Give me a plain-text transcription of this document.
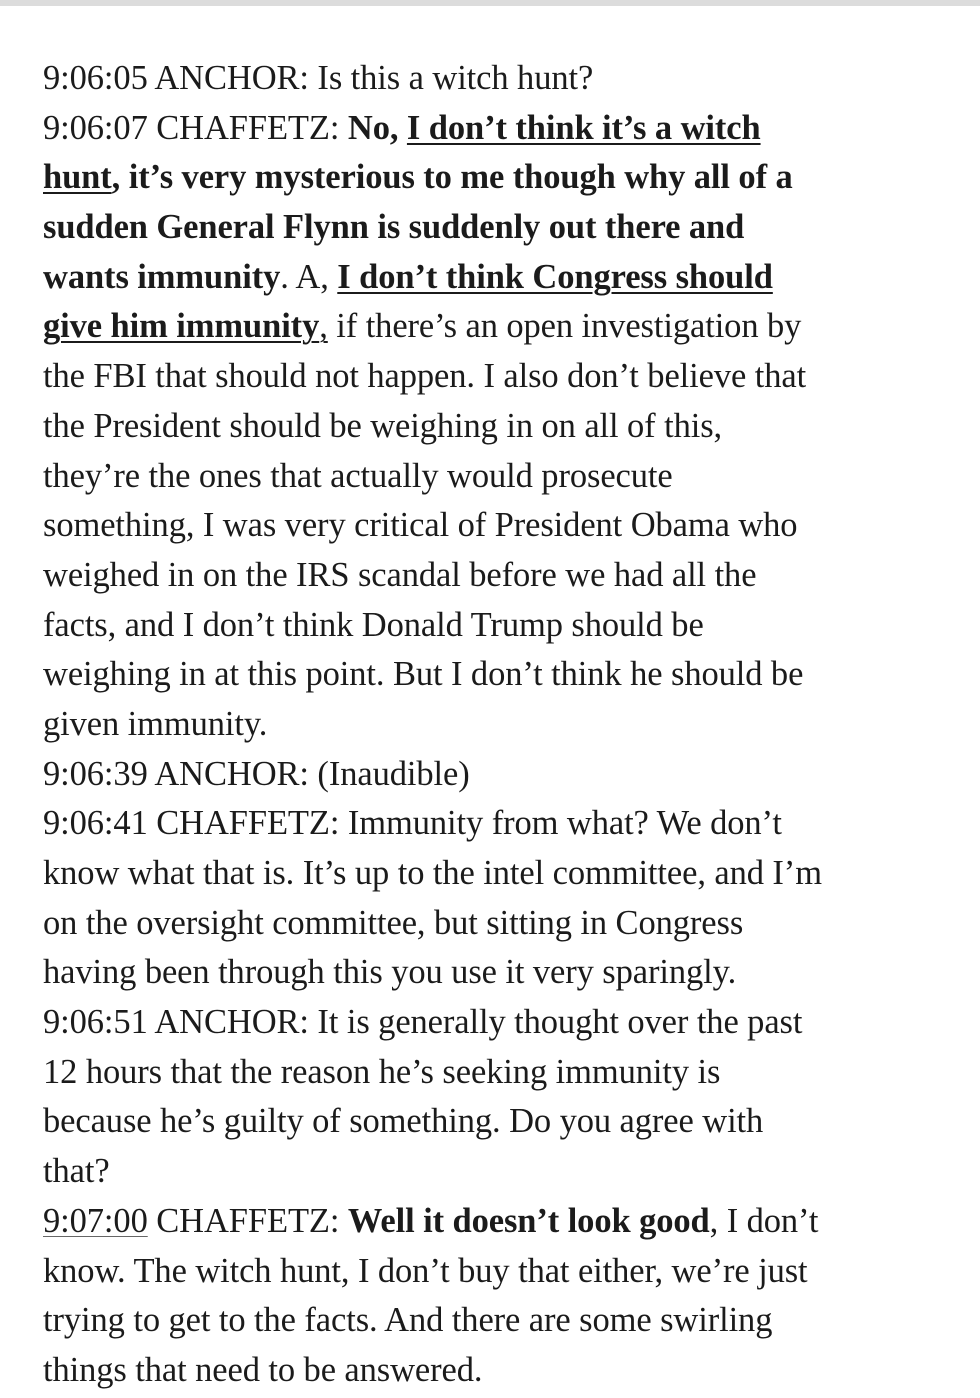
9:06:05 ANCHOR: Is this a witch hunt?
9:06:07 CHAFFETZ: No, I don’t think it’s a witch
hunt, it’s very mysterious to me though why all of a
sudden General Flynn is suddenly out there and
wants immunity. A, I don’t think Congress should
give him immunity, if there’s an open investigation by
the FBI that should not happen. I also don’t believe that
the President should be weighing in on all of this,
they’re the ones that actually would prosecute
something, I was very critical of President Obama who
weighed in on the IRS scandal before we had all the
facts, and I don’t think Donald Trump should be
weighing in at this point. But I don’t think he should be
given immunity.
9:06:39 ANCHOR: (Inaudible)
9:06:41 CHAFFETZ: Immunity from what? We don’t
know what that is. It’s up to the intel committee, and I’m
on the oversight committee, but sitting in Congress
having been through this you use it very sparingly.
9:06:51 ANCHOR: It is generally thought over the past
12 hours that the reason he’s seeking immunity is
because he’s guilty of something. Do you agree with
that?
9:07:00 CHAFFETZ: Well it doesn’t look good, I don’t
know. The witch hunt, I don’t buy that either, we’re just
trying to get to the facts. And there are some swirling
things that need to be answered.
